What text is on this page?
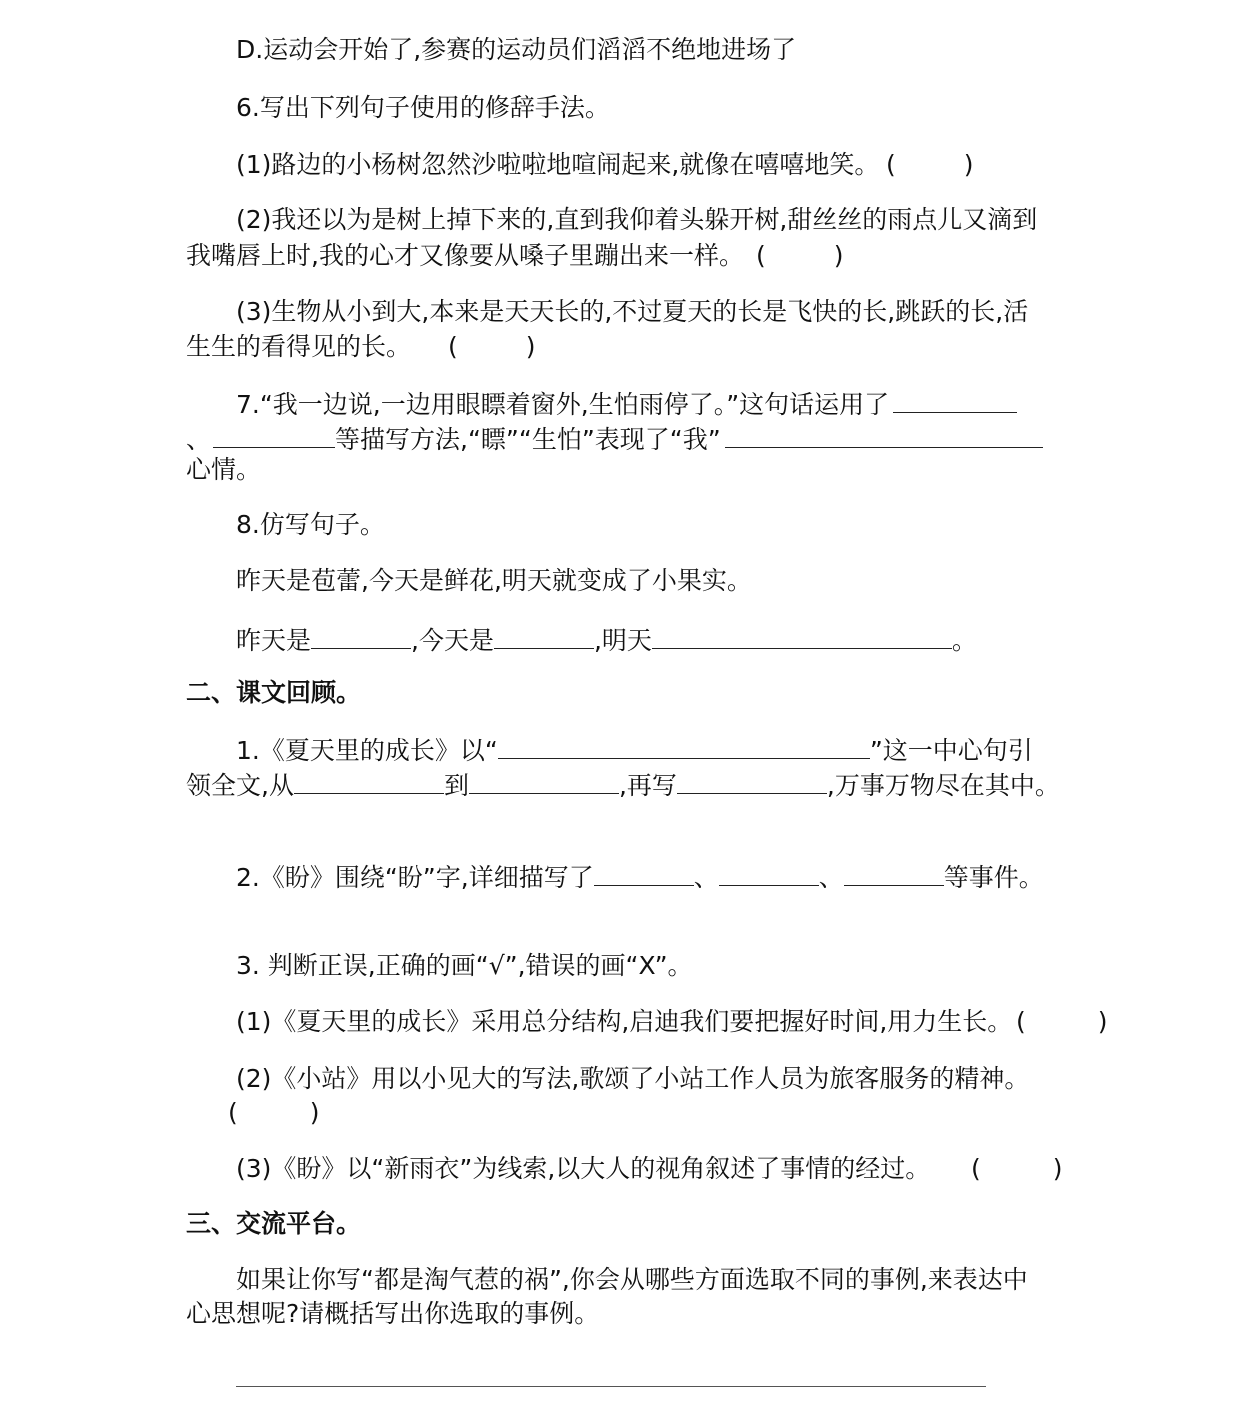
D.运动会开始了,参赛的运动员们滔滔不绝地进场了
6.写出下列句子使用的修辞手法。
(1)路边的小杨树忽然沙啦啦地喧闹起来,就像在嘻嘻地笑。 (	)
(2)我还以为是树上掉下来的,直到我仰着头躲开树,甜丝丝的雨点儿又滴到
我嘴唇上时,我的心才又像要从嗓子里蹦出来一样。 (	)
(3)生物从小到大,本来是天天长的,不过夏天的长是飞快的长,跳跃的长,活
生生的看得见的长。 (	)
7.“我一边说,一边用眼瞟着窗外,生怕雨停了。”这句话运用了
、	等描写方法,“瞟”“生怕”表现了“我”
心情。
8.仿写句子。
昨天是苞蕾,今天是鲜花,明天就变成了小果实。
昨天是	,今天是	,明天	。
二、课文回顾。
1.《夏天里的成长》以“	”这一中心句引
领全文,从	到	,再写	,万事万物尽在其中。
2.《盼》围绕“盼”字,详细描写了	、	、	等事件。
3. 判断正误,正确的画“√”,错误的画“X”。
(1)《夏天里的成长》采用总分结构,启迪我们要把握好时间,用力生长。 (	)
(2)《小站》用以小见大的写法,歌颂了小站工作人员为旅客服务的精神。
(	)
(3)《盼》以“新雨衣”为线索,以大人的视角叙述了事情的经过。 (	)
三、交流平台。
如果让你写“都是淘气惹的祸”,你会从哪些方面选取不同的事例,来表达中
心思想呢?请概括写出你选取的事例。
